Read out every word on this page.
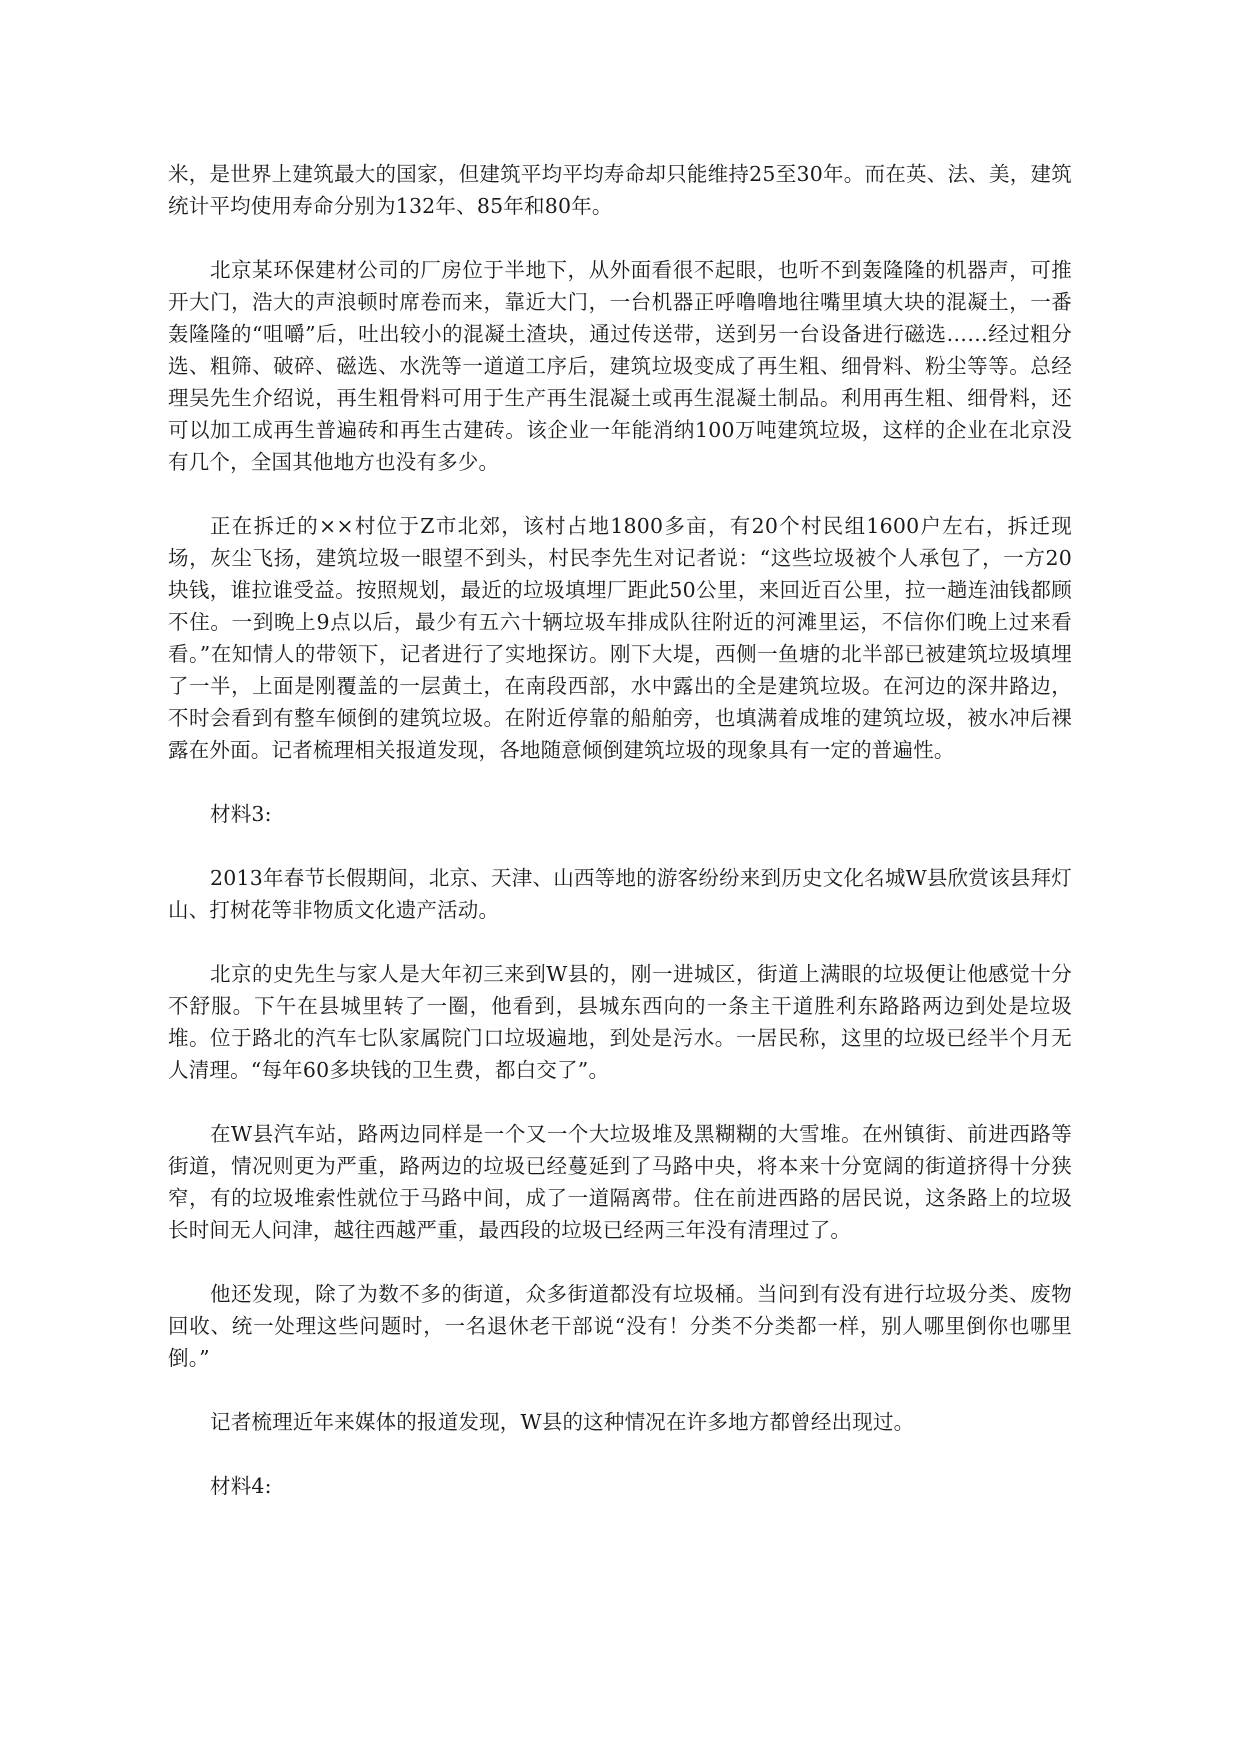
米，是世界上建筑最大的国家，但建筑平均平均寿命却只能维持25至30年。而在英、法、美，建筑统计平均使用寿命分别为132年、85年和80年。

北京某环保建材公司的厂房位于半地下，从外面看很不起眼，也听不到轰隆隆的机器声，可推开大门，浩大的声浪顿时席卷而来，靠近大门，一台机器正呼噜噜地往嘴里填大块的混凝土，一番轰隆隆的“咀嚼”后，吐出较小的混凝土渣块，通过传送带，送到另一台设备进行磁选……经过粗分选、粗筛、破碎、磁选、水洗等一道道工序后，建筑垃圾变成了再生粗、细骨料、粉尘等等。总经理吴先生介绍说，再生粗骨料可用于生产再生混凝土或再生混凝土制品。利用再生粗、细骨料，还可以加工成再生普遍砖和再生古建砖。该企业一年能消纳100万吨建筑垃圾，这样的企业在北京没有几个，全国其他地方也没有多少。

正在拆迁的××村位于Z市北郊，该村占地1800多亩，有20个村民组1600户左右，拆迁现场，灰尘飞扬，建筑垃圾一眼望不到头，村民李先生对记者说：“这些垃圾被个人承包了，一方20块钱，谁拉谁受益。按照规划，最近的垃圾填埋厂距此50公里，来回近百公里，拉一趟连油钱都顾不住。一到晚上9点以后，最少有五六十辆垃圾车排成队往附近的河滩里运，不信你们晚上过来看看。”在知情人的带领下，记者进行了实地探访。刚下大堤，西侧一鱼塘的北半部已被建筑垃圾填埋了一半，上面是刚覆盖的一层黄土，在南段西部，水中露出的全是建筑垃圾。在河边的深井路边，不时会看到有整车倾倒的建筑垃圾。在附近停靠的船舶旁，也填满着成堆的建筑垃圾，被水冲后裸露在外面。记者梳理相关报道发现，各地随意倾倒建筑垃圾的现象具有一定的普遍性。

材料3:

2013年春节长假期间，北京、天津、山西等地的游客纷纷来到历史文化名城W县欣赏该县拜灯山、打树花等非物质文化遗产活动。

北京的史先生与家人是大年初三来到W县的，刚一进城区，街道上满眼的垃圾便让他感觉十分不舒服。下午在县城里转了一圈，他看到，县城东西向的一条主干道胜利东路路两边到处是垃圾堆。位于路北的汽车七队家属院门口垃圾遍地，到处是污水。一居民称，这里的垃圾已经半个月无人清理。“每年60多块钱的卫生费，都白交了”。

在W县汽车站，路两边同样是一个又一个大垃圾堆及黑糊糊的大雪堆。在州镇街、前进西路等街道，情况则更为严重，路两边的垃圾已经蔓延到了马路中央，将本来十分宽阔的街道挤得十分狭窄，有的垃圾堆索性就位于马路中间，成了一道隔离带。住在前进西路的居民说，这条路上的垃圾长时间无人问津，越往西越严重，最西段的垃圾已经两三年没有清理过了。

他还发现，除了为数不多的街道，众多街道都没有垃圾桶。当问到有没有进行垃圾分类、废物回收、统一处理这些问题时，一名退休老干部说“没有！分类不分类都一样，别人哪里倒你也哪里倒。”

记者梳理近年来媒体的报道发现，W县的这种情况在许多地方都曾经出现过。

材料4:
